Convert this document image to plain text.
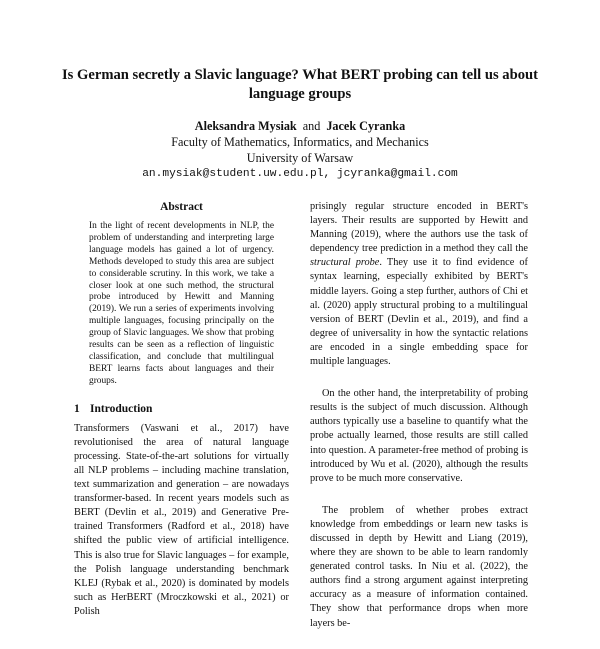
Is German secretly a Slavic language? What BERT probing can tell us about language groups
Aleksandra Mysiak and Jacek Cyranka
Faculty of Mathematics, Informatics, and Mechanics
University of Warsaw
an.mysiak@student.uw.edu.pl, jcyranka@gmail.com
Abstract
In the light of recent developments in NLP, the problem of understanding and interpreting large language models has gained a lot of urgency. Methods developed to study this area are subject to considerable scrutiny. In this work, we take a closer look at one such method, the structural probe introduced by Hewitt and Manning (2019). We run a series of experiments involving multiple languages, focusing principally on the group of Slavic languages. We show that probing results can be seen as a reflection of linguistic classification, and conclude that multilingual BERT learns facts about languages and their groups.
1 Introduction

Transformers (Vaswani et al., 2017) have revolutionised the area of natural language processing. State-of-the-art solutions for virtually all NLP problems – including machine translation, text summarization and generation – are nowadays transformer-based. In recent years models such as BERT (Devlin et al., 2019) and Generative Pre-trained Transformers (Radford et al., 2018) have shifted the public view of artificial intelligence. This is also true for Slavic languages – for example, the Polish language understanding benchmark KLEJ (Rybak et al., 2020) is dominated by models such as HerBERT (Mroczkowski et al., 2021) or Polish

prisingly regular structure encoded in BERT's layers. Their results are supported by Hewitt and Manning (2019), where the authors use the task of dependency tree prediction in a method they call the structural probe. They use it to find evidence of syntax learning, especially exhibited by BERT's middle layers. Going a step further, authors of Chi et al. (2020) apply structural probing to a multilingual version of BERT (Devlin et al., 2019), and find a degree of universality in how the syntactic relations are encoded in a single embedding space for multiple languages.

On the other hand, the interpretability of probing results is the subject of much discussion. Although authors typically use a baseline to quantify what the probe actually learned, those results are still called into question. A parameter-free method of probing is introduced by Wu et al. (2020), although the results prove to be much more conservative.

The problem of whether probes extract knowledge from embeddings or learn new tasks is discussed in depth by Hewitt and Liang (2019), where they are shown to be able to learn randomly generated control tasks. In Niu et al. (2022), the authors find a strong argument against interpreting accuracy as a measure of information contained. They show that performance drops when more layers be-
